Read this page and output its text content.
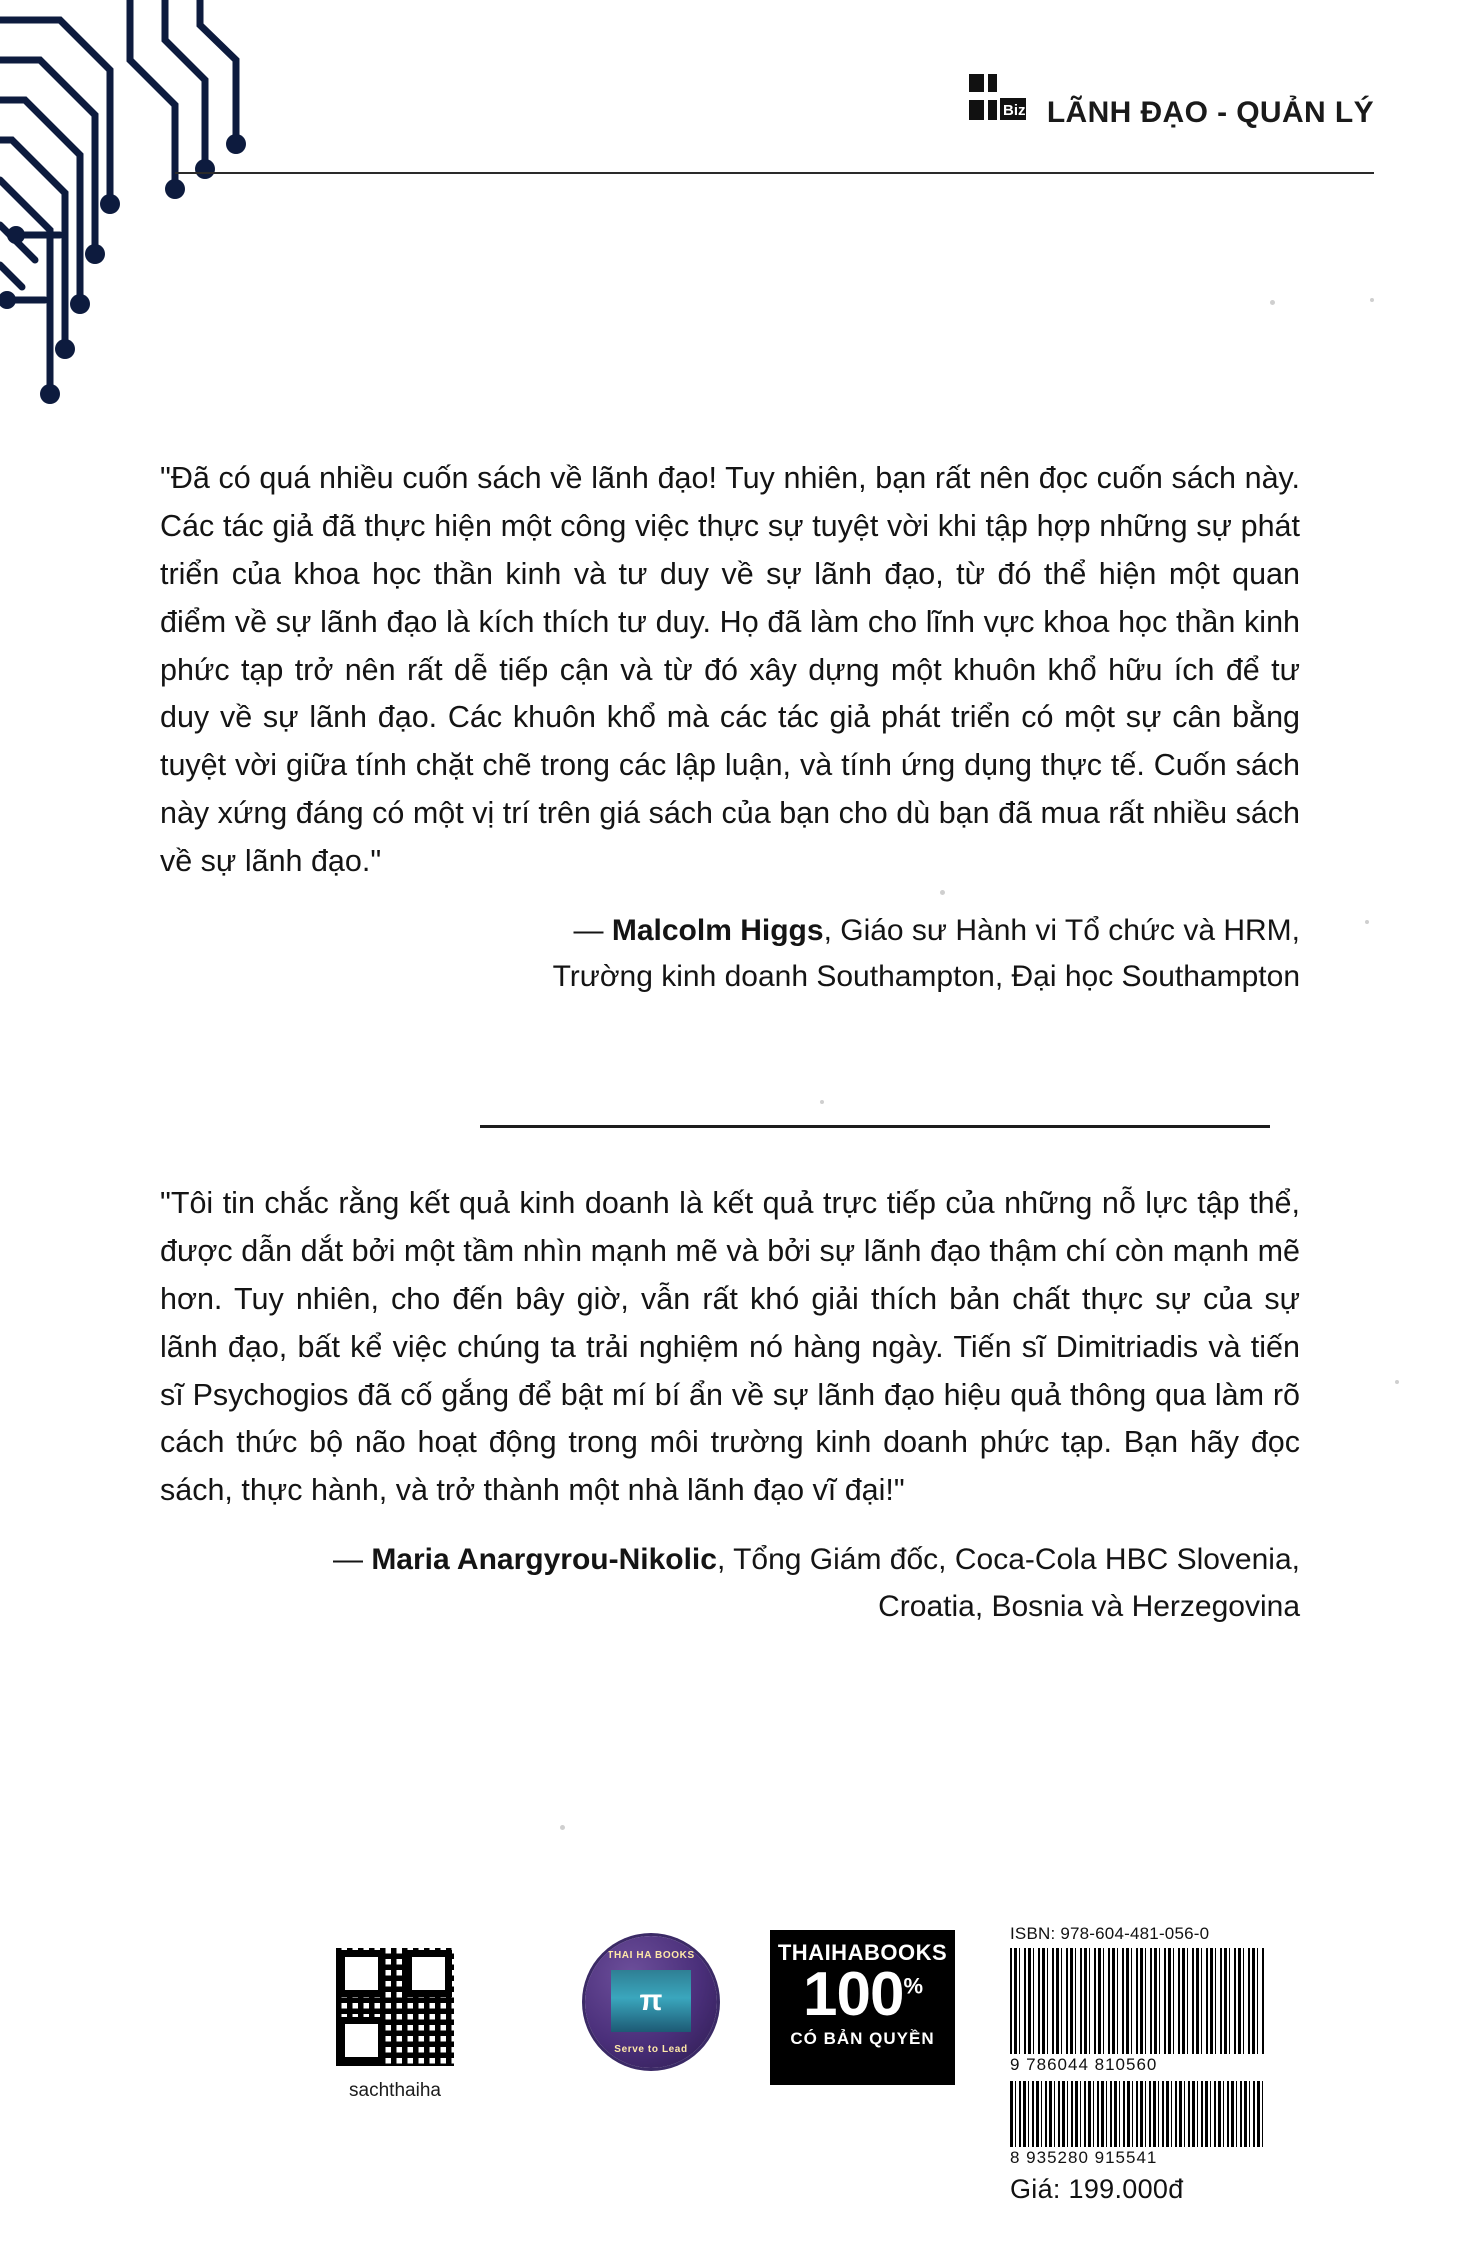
Biz LÃNH ĐẠO - QUẢN LÝ

"Đã có quá nhiều cuốn sách về lãnh đạo! Tuy nhiên, bạn rất nên đọc cuốn sách này. Các tác giả đã thực hiện một công việc thực sự tuyệt vời khi tập hợp những sự phát triển của khoa học thần kinh và tư duy về sự lãnh đạo, từ đó thể hiện một quan điểm về sự lãnh đạo là kích thích tư duy. Họ đã làm cho lĩnh vực khoa học thần kinh phức tạp trở nên rất dễ tiếp cận và từ đó xây dựng một khuôn khổ hữu ích để tư duy về sự lãnh đạo. Các khuôn khổ mà các tác giả phát triển có một sự cân bằng tuyệt vời giữa tính chặt chẽ trong các lập luận, và tính ứng dụng thực tế. Cuốn sách này xứng đáng có một vị trí trên giá sách của bạn cho dù bạn đã mua rất nhiều sách về sự lãnh đạo."

— Malcolm Higgs, Giáo sư Hành vi Tổ chức và HRM,
Trường kinh doanh Southampton, Đại học Southampton

"Tôi tin chắc rằng kết quả kinh doanh là kết quả trực tiếp của những nỗ lực tập thể, được dẫn dắt bởi một tầm nhìn mạnh mẽ và bởi sự lãnh đạo thậm chí còn mạnh mẽ hơn. Tuy nhiên, cho đến bây giờ, vẫn rất khó giải thích bản chất thực sự của sự lãnh đạo, bất kể việc chúng ta trải nghiệm nó hàng ngày. Tiến sĩ Dimitriadis và tiến sĩ Psychogios đã cố gắng để bật mí bí ẩn về sự lãnh đạo hiệu quả thông qua làm rõ cách thức bộ não hoạt động trong môi trường kinh doanh phức tạp. Bạn hãy đọc sách, thực hành, và trở thành một nhà lãnh đạo vĩ đại!"

— Maria Anargyrou-Nikolic, Tổng Giám đốc, Coca-Cola HBC Slovenia,
Croatia, Bosnia và Herzegovina
sachthaiha
THAI HA BOOKS
π
Serve to Lead
THAIHABOOKS
100%
CÓ BẢN QUYỀN
ISBN: 978-604-481-056-0
9 786044 810560
8 935280 915541
Giá: 199.000đ
